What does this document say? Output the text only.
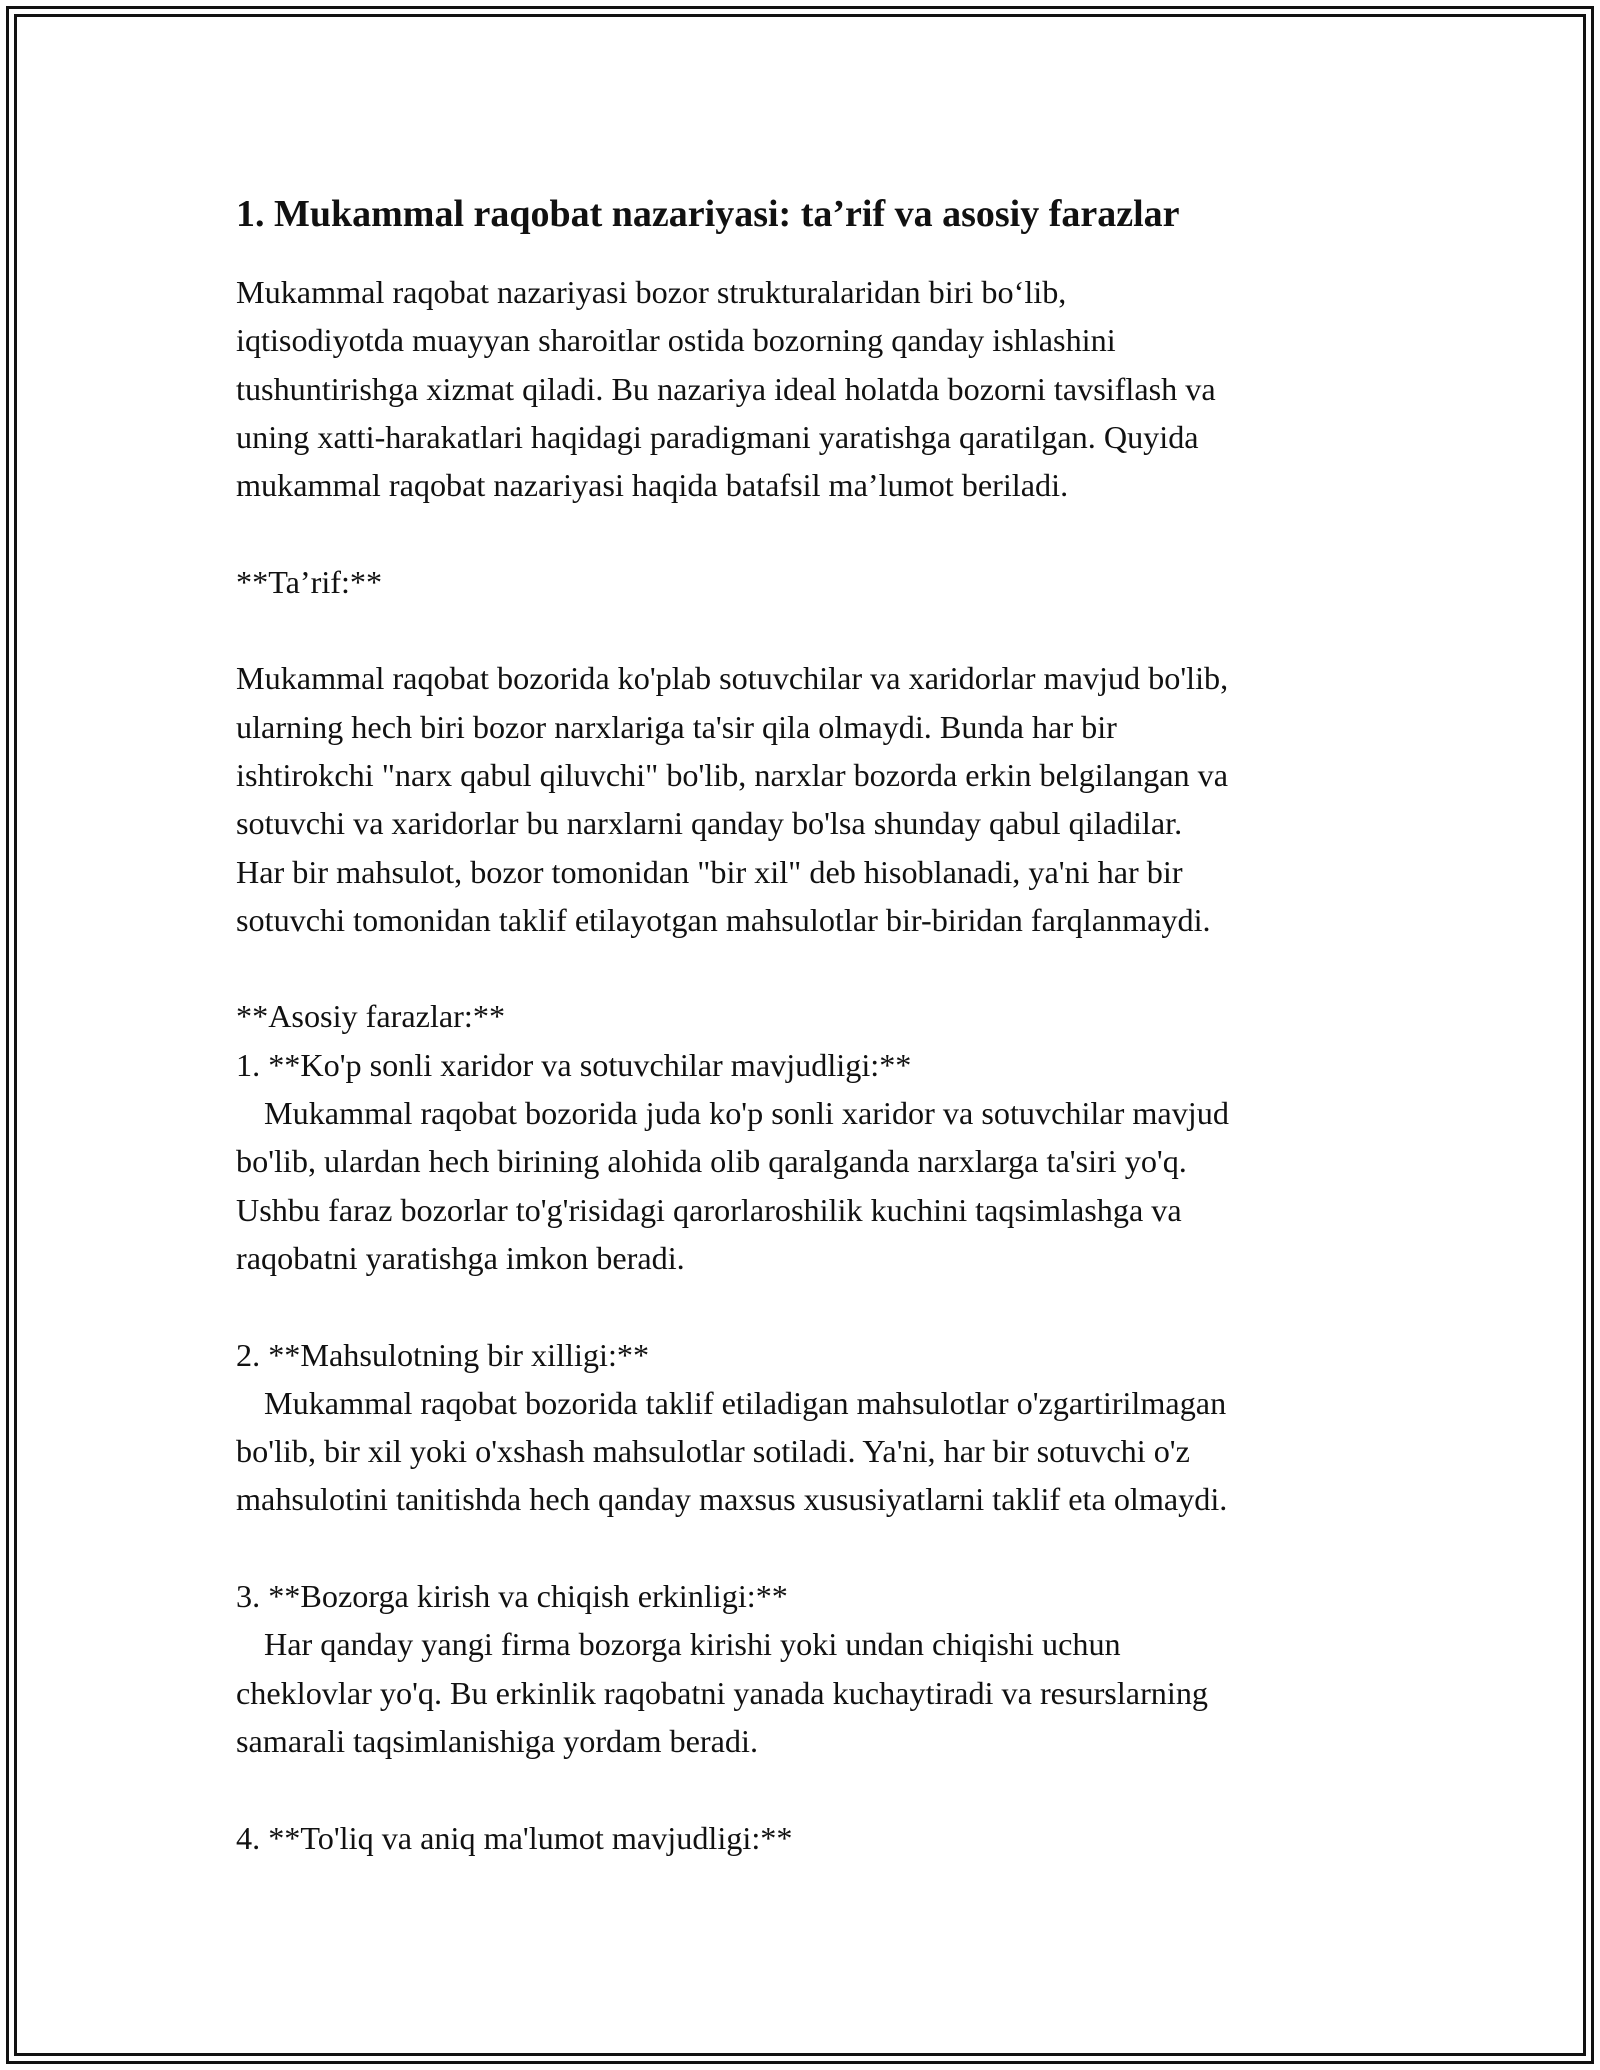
1. Mukammal raqobat nazariyasi: ta’rif va asosiy farazlar
Mukammal raqobat nazariyasi bozor strukturalaridan biri bo‘lib,
iqtisodiyotda muayyan sharoitlar ostida bozorning qanday ishlashini
tushuntirishga xizmat qiladi. Bu nazariya ideal holatda bozorni tavsiflash va
uning xatti-harakatlari haqidagi paradigmani yaratishga qaratilgan. Quyida
mukammal raqobat nazariyasi haqida batafsil ma’lumot beriladi.
**Ta’rif:**
Mukammal raqobat bozorida ko'plab sotuvchilar va xaridorlar mavjud bo'lib,
ularning hech biri bozor narxlariga ta'sir qila olmaydi. Bunda har bir
ishtirokchi "narx qabul qiluvchi" bo'lib, narxlar bozorda erkin belgilangan va
sotuvchi va xaridorlar bu narxlarni qanday bo'lsa shunday qabul qiladilar.
Har bir mahsulot, bozor tomonidan "bir xil" deb hisoblanadi, ya'ni har bir
sotuvchi tomonidan taklif etilayotgan mahsulotlar bir-biridan farqlanmaydi.
**Asosiy farazlar:**
1. **Ko'p sonli xaridor va sotuvchilar mavjudligi:**
Mukammal raqobat bozorida juda ko'p sonli xaridor va sotuvchilar mavjud
bo'lib, ulardan hech birining alohida olib qaralganda narxlarga ta'siri yo'q.
Ushbu faraz bozorlar to'g'risidagi qarorlaroshilik kuchini taqsimlashga va
raqobatni yaratishga imkon beradi.
2. **Mahsulotning bir xilligi:**
Mukammal raqobat bozorida taklif etiladigan mahsulotlar o'zgartirilmagan
bo'lib, bir xil yoki o'xshash mahsulotlar sotiladi. Ya'ni, har bir sotuvchi o'z
mahsulotini tanitishda hech qanday maxsus xususiyatlarni taklif eta olmaydi.
3. **Bozorga kirish va chiqish erkinligi:**
Har qanday yangi firma bozorga kirishi yoki undan chiqishi uchun
cheklovlar yo'q. Bu erkinlik raqobatni yanada kuchaytiradi va resurslarning
samarali taqsimlanishiga yordam beradi.
4. **To'liq va aniq ma'lumot mavjudligi:**
